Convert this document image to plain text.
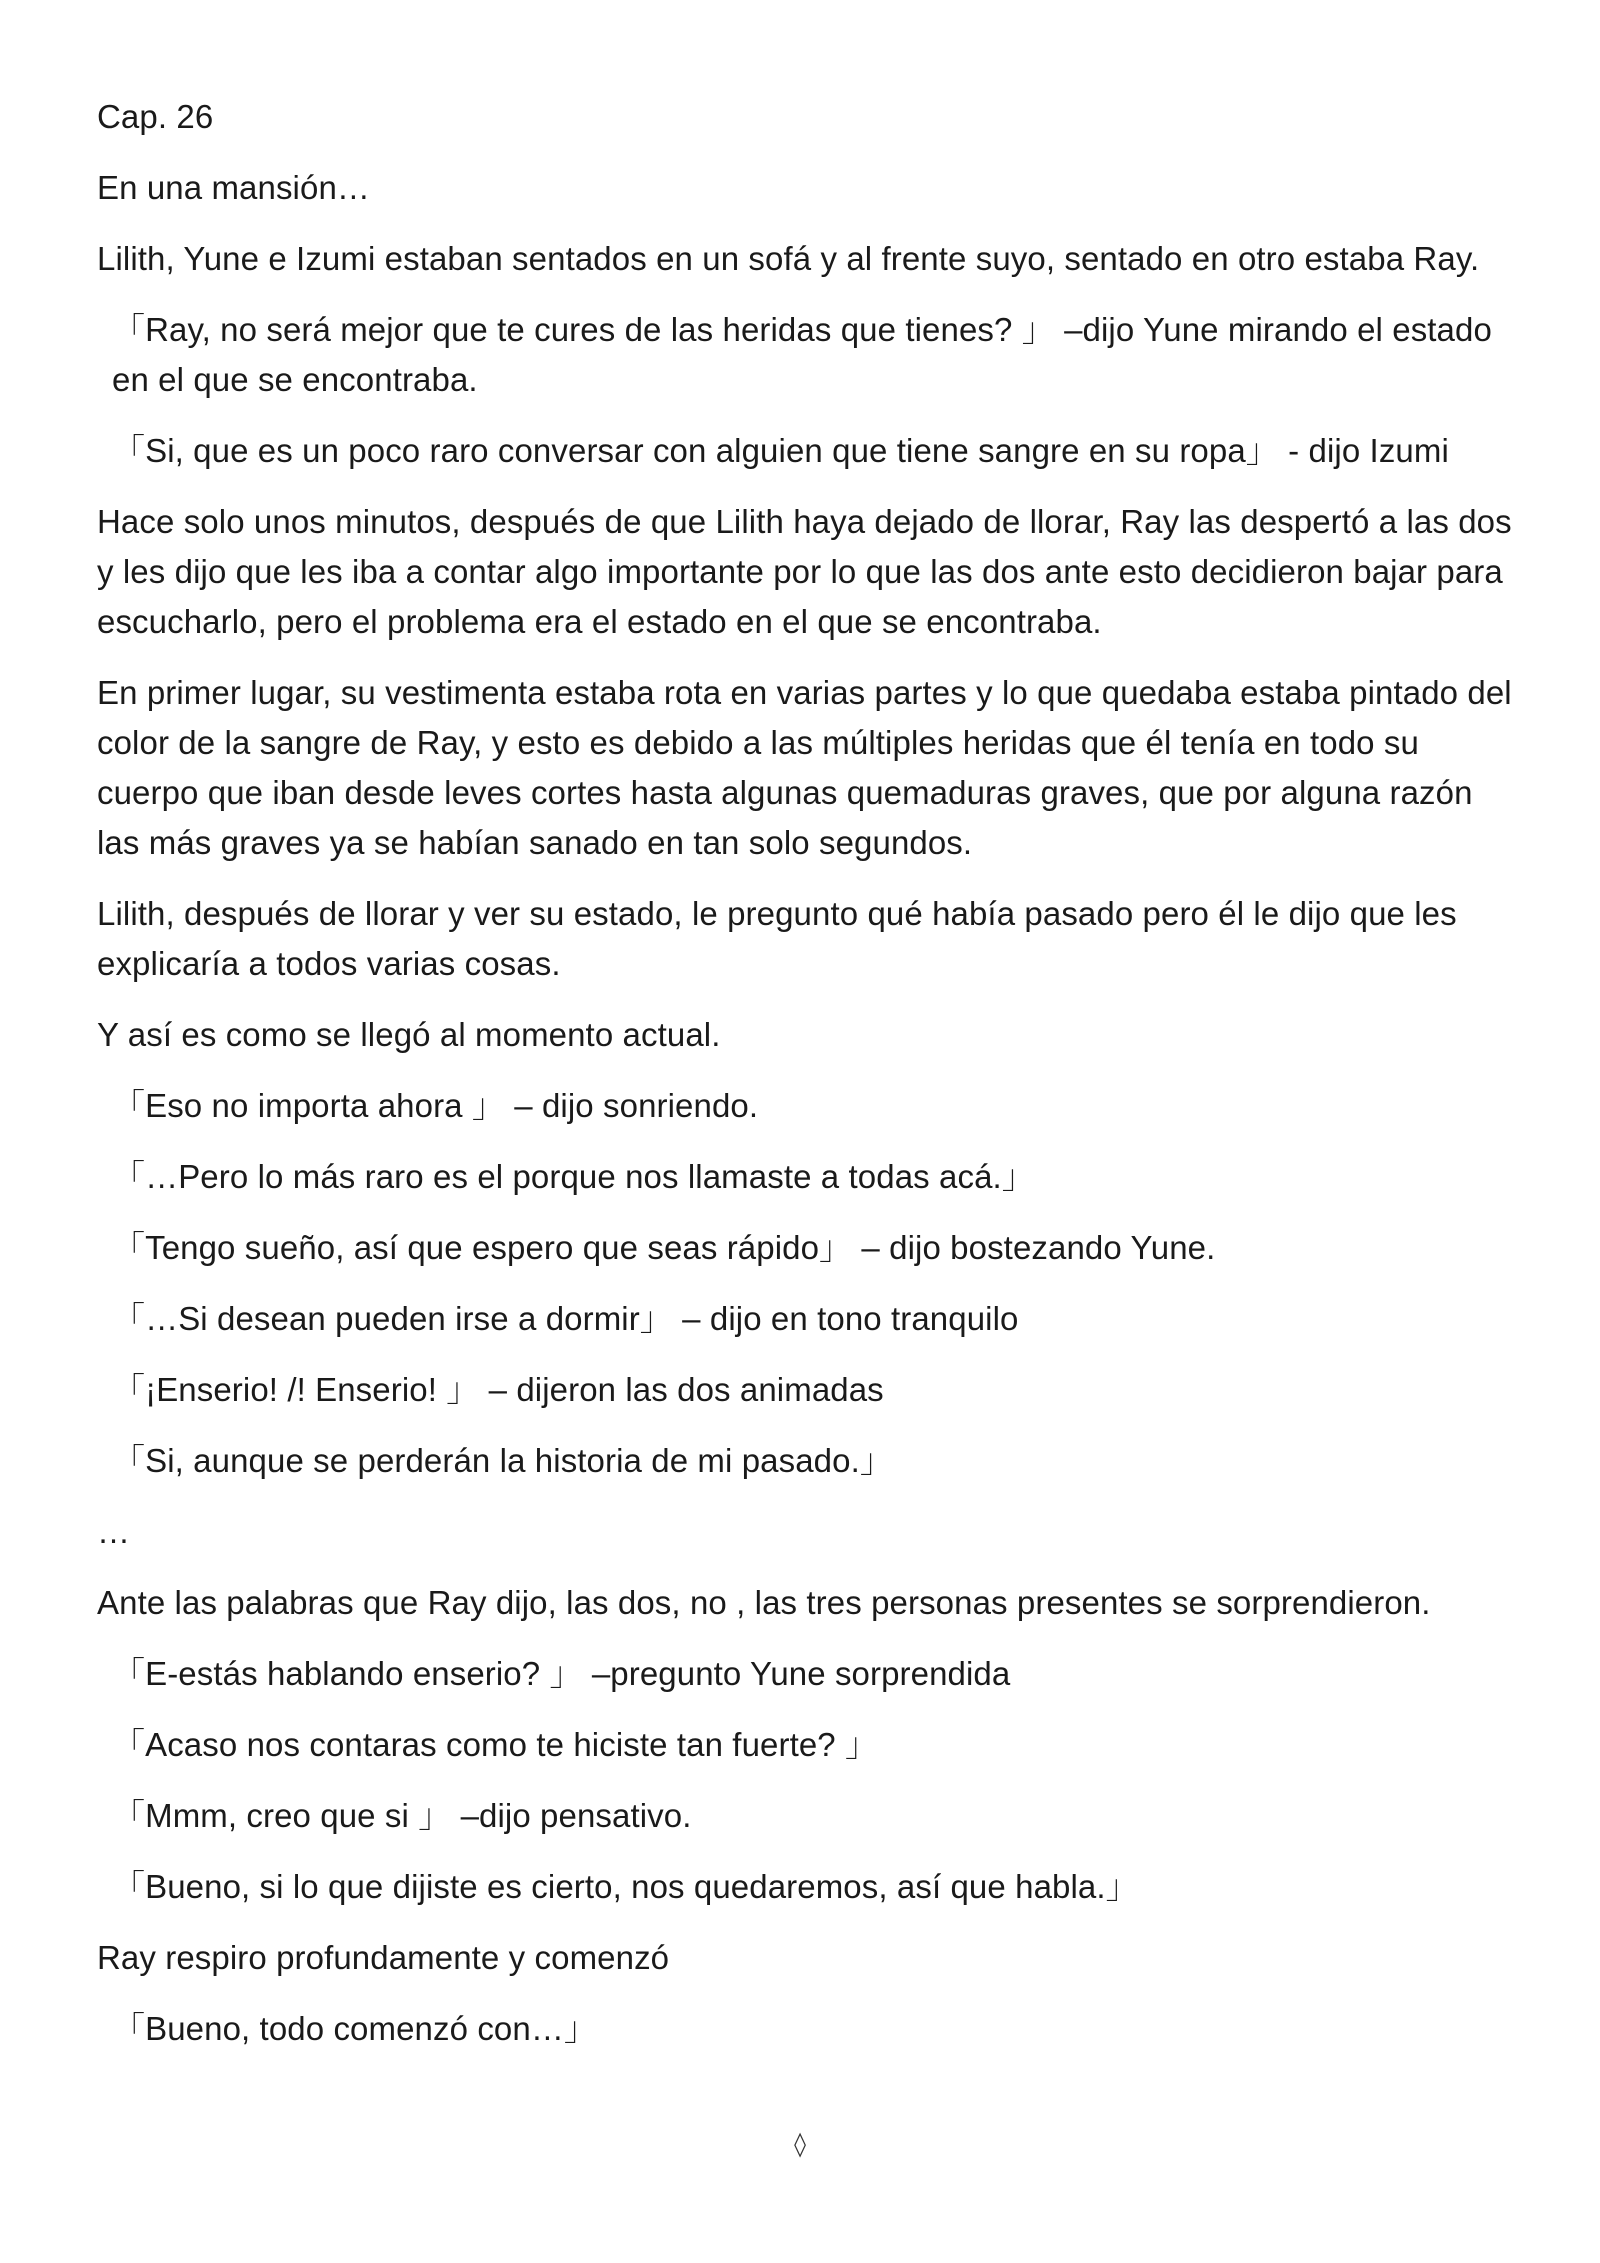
Cap. 26

En una mansión…

Lilith, Yune e Izumi estaban sentados en un sofá y al frente suyo, sentado en otro estaba Ray.

「Ray, no será mejor que te cures de las heridas que tienes? 」 –dijo Yune mirando el estado en el que se encontraba.

「Si, que es un poco raro conversar con alguien que tiene sangre en su ropa」 - dijo Izumi

Hace solo unos minutos, después de que Lilith haya dejado de llorar, Ray las despertó a las dos y les dijo que les iba a contar algo importante por lo que las dos ante esto decidieron bajar para escucharlo, pero el problema era el estado en el que se encontraba.

En primer lugar, su vestimenta estaba rota en varias partes y lo que quedaba estaba pintado del color de la sangre de Ray, y esto es debido a las múltiples heridas que él tenía en todo su cuerpo que iban desde leves cortes hasta algunas quemaduras graves, que por alguna razón las más graves ya se habían sanado en tan solo segundos.

Lilith, después de llorar y ver su estado, le pregunto qué había pasado pero él le dijo que les explicaría a todos varias cosas.

Y así es como se llegó al momento actual.

「Eso no importa ahora 」 – dijo sonriendo.

「…Pero lo más raro es el porque nos llamaste a todas acá.」

「Tengo sueño, así que espero que seas rápido」 – dijo bostezando Yune.

「…Si desean pueden irse a dormir」 – dijo en tono tranquilo

「¡Enserio! /! Enserio! 」 – dijeron las dos animadas

「Si, aunque se perderán la historia de mi pasado.」

…

Ante las palabras que Ray dijo, las dos, no , las tres personas presentes se sorprendieron.

「E-estás hablando enserio? 」 –pregunto Yune sorprendida

「Acaso nos contaras como te hiciste tan fuerte? 」

「Mmm, creo que si 」 –dijo pensativo.

「Bueno, si lo que dijiste es cierto, nos quedaremos, así que habla.」

Ray respiro profundamente y comenzó

「Bueno, todo comenzó con…」

◊
